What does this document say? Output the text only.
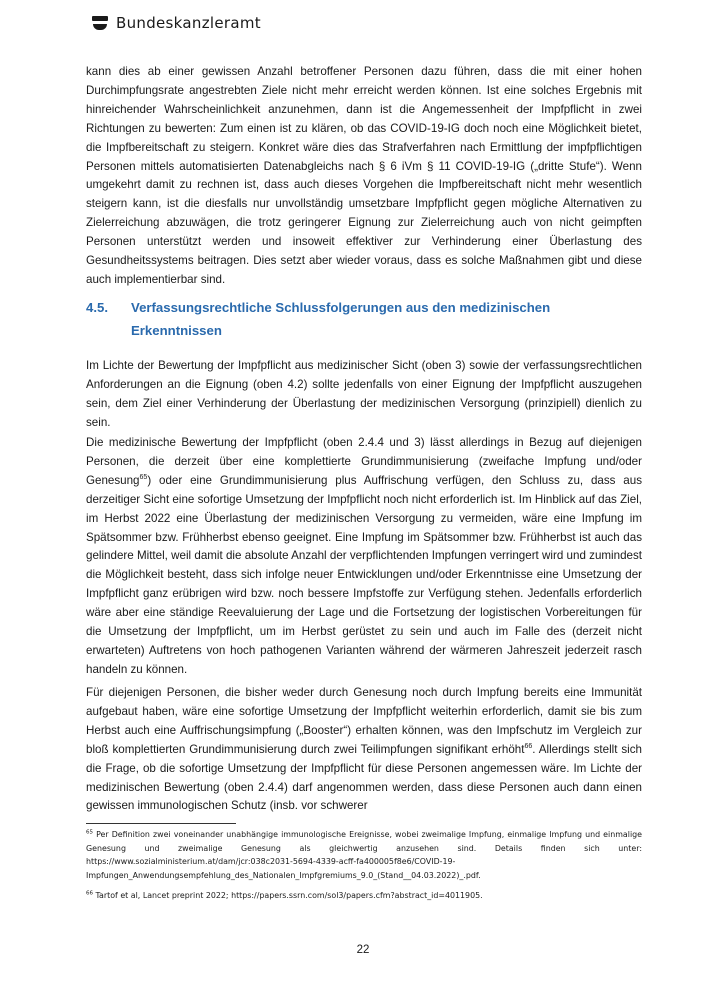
Bundeskanzleramt
kann dies ab einer gewissen Anzahl betroffener Personen dazu führen, dass die mit einer hohen Durchimpfungsrate angestrebten Ziele nicht mehr erreicht werden können. Ist eine solches Ergebnis mit hinreichender Wahrscheinlichkeit anzunehmen, dann ist die Angemessenheit der Impfpflicht in zwei Richtungen zu bewerten: Zum einen ist zu klären, ob das COVID-19-IG doch noch eine Möglichkeit bietet, die Impfbereitschaft zu steigern. Konkret wäre dies das Strafverfahren nach Ermittlung der impfpflichtigen Personen mittels automatisierten Datenabgleichs nach § 6 iVm § 11 COVID-19-IG („dritte Stufe“). Wenn umgekehrt damit zu rechnen ist, dass auch dieses Vorgehen die Impfbereitschaft nicht mehr wesentlich steigern kann, ist die diesfalls nur unvollständig umsetzbare Impfpflicht gegen mögliche Alternativen zu Zielerreichung abzuwägen, die trotz geringerer Eignung zur Zielerreichung auch von nicht geimpften Personen unterstützt werden und insoweit effektiver zur Verhinderung einer Überlastung des Gesundheitssystems beitragen. Dies setzt aber wieder voraus, dass es solche Maßnahmen gibt und diese auch implementierbar sind.
4.5. Verfassungsrechtliche Schlussfolgerungen aus den medizinischen
Erkenntnissen
Im Lichte der Bewertung der Impfpflicht aus medizinischer Sicht (oben 3) sowie der verfassungsrechtlichen Anforderungen an die Eignung (oben 4.2) sollte jedenfalls von einer Eignung der Impfpflicht auszugehen sein, dem Ziel einer Verhinderung der Überlastung der medizinischen Versorgung (prinzipiell) dienlich zu sein.
Die medizinische Bewertung der Impfpflicht (oben 2.4.4 und 3) lässt allerdings in Bezug auf diejenigen Personen, die derzeit über eine komplettierte Grundimmunisierung (zweifache Impfung und/oder Genesung$^{65}$) oder eine Grundimmunisierung plus Auffrischung verfügen, den Schluss zu, dass aus derzeitiger Sicht eine sofortige Umsetzung der Impfpflicht noch nicht erforderlich ist. Im Hinblick auf das Ziel, im Herbst 2022 eine Überlastung der medizinischen Versorgung zu vermeiden, wäre eine Impfung im Spätsommer bzw. Frühherbst ebenso geeignet. Eine Impfung im Spätsommer bzw. Frühherbst ist auch das gelindere Mittel, weil damit die absolute Anzahl der verpflichtenden Impfungen verringert wird und zumindest die Möglichkeit besteht, dass sich infolge neuer Entwicklungen und/oder Erkenntnisse eine Umsetzung der Impfpflicht ganz erübrigen wird bzw. noch bessere Impfstoffe zur Verfügung stehen. Jedenfalls erforderlich wäre aber eine ständige Reevaluierung der Lage und die Fortsetzung der logistischen Vorbereitungen für die Umsetzung der Impfpflicht, um im Herbst gerüstet zu sein und auch im Falle des (derzeit nicht erwarteten) Auftretens von hoch pathogenen Varianten während der wärmeren Jahreszeit jederzeit rasch handeln zu können.
Für diejenigen Personen, die bisher weder durch Genesung noch durch Impfung bereits eine Immunität aufgebaut haben, wäre eine sofortige Umsetzung der Impfpflicht weiterhin erforderlich, damit sie bis zum Herbst auch eine Auffrischungsimpfung („Booster“) erhalten können, was den Impfschutz im Vergleich zur bloß komplettierten Grundimmunisierung durch zwei Teilimpfungen signifikant erhöht$^{66}$. Allerdings stellt sich die Frage, ob die sofortige Umsetzung der Impfpflicht für diese Personen angemessen wäre. Im Lichte der medizinischen Bewertung (oben 2.4.4) darf angenommen werden, dass diese Personen auch dann einen gewissen immunologischen Schutz (insb. vor schwerer
$^{65}$ Per Definition zwei voneinander unabhängige immunologische Ereignisse, wobei zweimalige Impfung, einmalige Impfung und einmalige Genesung und zweimalige Genesung als gleichwertig anzusehen sind. Details finden sich unter: https://www.sozialministerium.at/dam/jcr:038c2031-5694-4339-acff-fa400005f8e6/COVID-19-Impfungen_Anwendungsempfehlung_des_Nationalen_Impfgremiums_9.0_(Stand__04.03.2022)_.pdf.
$^{66}$ Tartof et al, Lancet preprint 2022; https://papers.ssrn.com/sol3/papers.cfm?abstract_id=4011905.
22
